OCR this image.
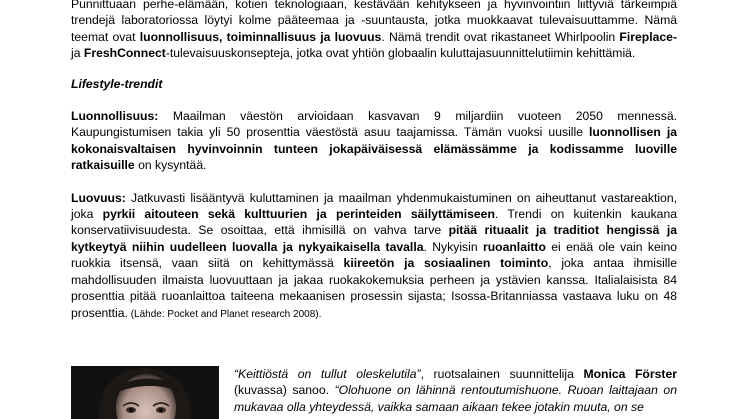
Punnittuaan perhe-elämään, kotien teknologiaan, kestävään kehitykseen ja hyvinvointiin liittyviä tärkeimpiä trendejä laboratoriossa löytyi kolme pääteemaa ja -suuntausta, jotka muokkaavat tulevaisuuttamme. Nämä teemat ovat luonnollisuus, toiminnallisuus ja luovuus. Nämä trendit ovat rikastaneet Whirlpoolin Fireplace- ja FreshConnect-tulevaisuuskonsepteja, jotka ovat yhtiön globaalin kuluttajasuunnittelutiimin kehittämiä.

Lifestyle-trendit

Luonnollisuus: Maailman väestön arvioidaan kasvavan 9 miljardiin vuoteen 2050 mennessä. Kaupungistumisen takia yli 50 prosenttia väestöstä asuu taajamissa. Tämän vuoksi uusille luonnollisen ja kokonaisvaltaisen hyvinvoinnin tunteen jokapäiväisessä elämässämme ja kodissamme luoville ratkaisuille on kysyntää.

Luovuus: Jatkuvasti lisääntyvä kuluttaminen ja maailman yhdenmukaistuminen on aiheuttanut vastareaktion, joka pyrkii aitouteen sekä kulttuurien ja perinteiden säilyttämiseen. Trendi on kuitenkin kaukana konservatiivisuudesta. Se osoittaa, että ihmisillä on vahva tarve pitää rituaalit ja traditiot hengissä ja kytkeytyä niihin uudelleen luovalla ja nykyaikaisella tavalla. Nykyisin ruoanlaitto ei enää ole vain keino ruokkia itsensä, vaan siitä on kehittymässä kiireetön ja sosiaalinen toiminto, joka antaa ihmisille mahdollisuuden ilmaista luovuuttaan ja jakaa ruokakokemuksia perheen ja ystävien kanssa. Italialaisista 84 prosenttia pitää ruoanlaittoa taiteena mekaanisen prosessin sijasta; Isossa-Britanniassa vastaava luku on 48 prosenttia. (Lähde: Pocket and Planet research 2008).

“Keittiöstä on tullut oleskelutila”, ruotsalainen suunnittelija Monica Förster (kuvassa) sanoo. “Olohuone on lähinnä rentoutumishuone. Ruoan laittajaan on mukavaa olla yhteydessä, vaikka samaan aikaan tekee jotakin muuta, on se
